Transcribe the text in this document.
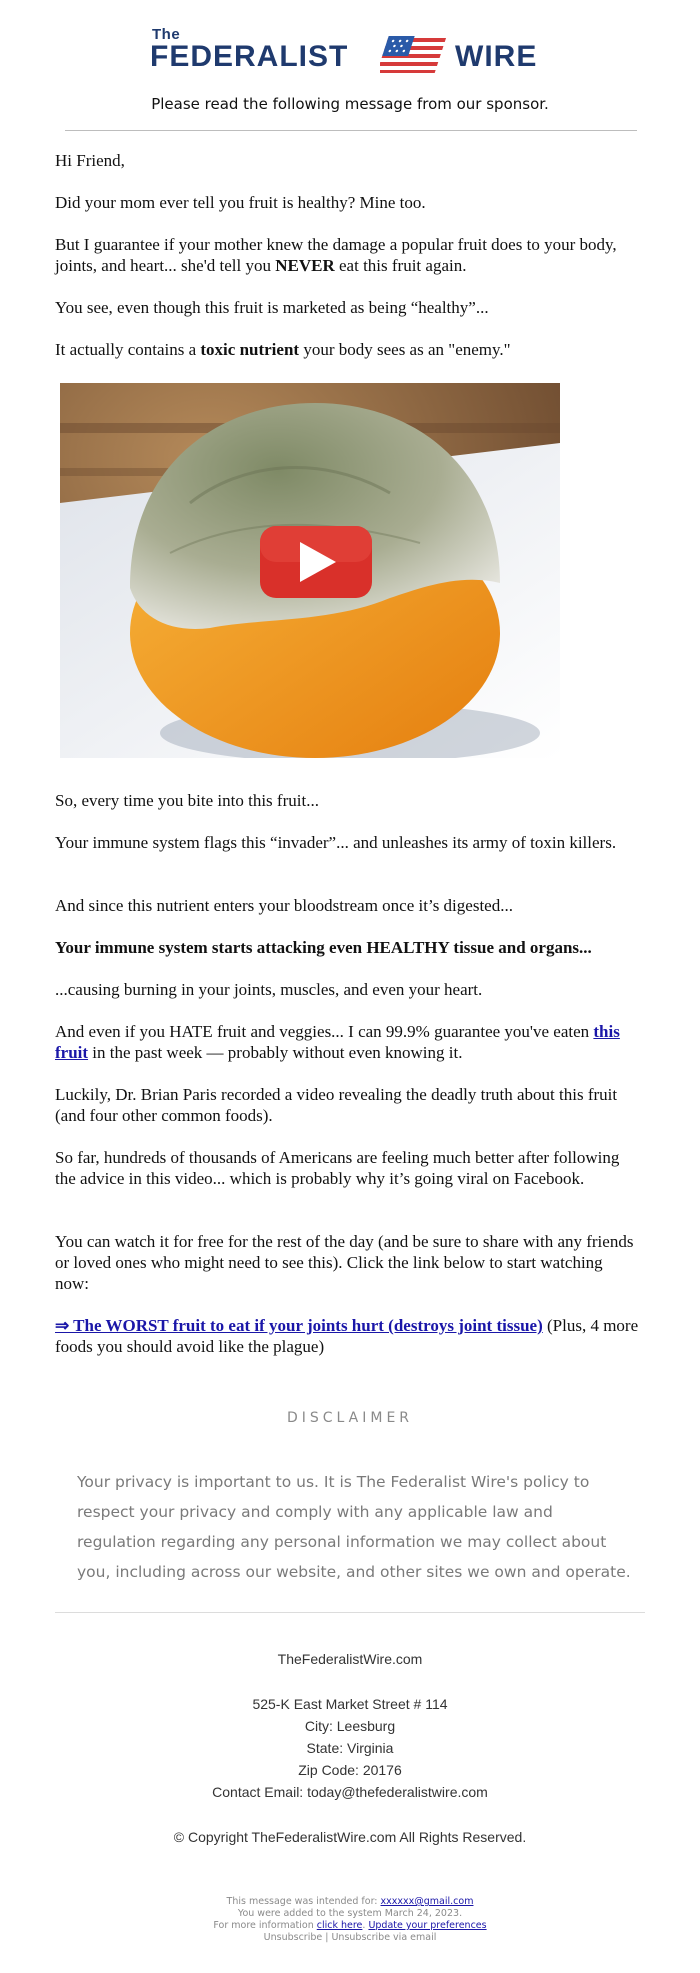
The
FEDERALIST	WIRE
Please read the following message from our sponsor.

Hi Friend,

Did your mom ever tell you fruit is healthy? Mine too.

But I guarantee if your mother knew the damage a popular fruit does to your body, joints, and heart... she'd tell you NEVER eat this fruit again.

You see, even though this fruit is marketed as being “healthy”...

It actually contains a toxic nutrient your body sees as an "enemy."

So, every time you bite into this fruit...

Your immune system flags this “invader”... and unleashes its army of toxin killers.

And since this nutrient enters your bloodstream once it’s digested...

Your immune system starts attacking even HEALTHY tissue and organs...

...causing burning in your joints, muscles, and even your heart.

And even if you HATE fruit and veggies... I can 99.9% guarantee you've eaten this fruit in the past week — probably without even knowing it.

Luckily, Dr. Brian Paris recorded a video revealing the deadly truth about this fruit (and four other common foods).

So far, hundreds of thousands of Americans are feeling much better after following the advice in this video... which is probably why it’s going viral on Facebook.

You can watch it for free for the rest of the day (and be sure to share with any friends or loved ones who might need to see this). Click the link below to start watching now:

⇒ The WORST fruit to eat if your joints hurt (destroys joint tissue) (Plus, 4 more foods you should avoid like the plague)

DISCLAIMER
Your privacy is important to us. It is The Federalist Wire's policy to respect your privacy and comply with any applicable law and regulation regarding any personal information we may collect about you, including across our website, and other sites we own and operate.
TheFederalistWire.com
525-K East Market Street # 114
City: Leesburg
State: Virginia
Zip Code: 20176
Contact Email: today@thefederalistwire.com
© Copyright TheFederalistWire.com All Rights Reserved.
This message was intended for: xxxxxx@gmail.com
You were added to the system March 24, 2023.
For more information click here. Update your preferences
Unsubscribe | Unsubscribe via email
